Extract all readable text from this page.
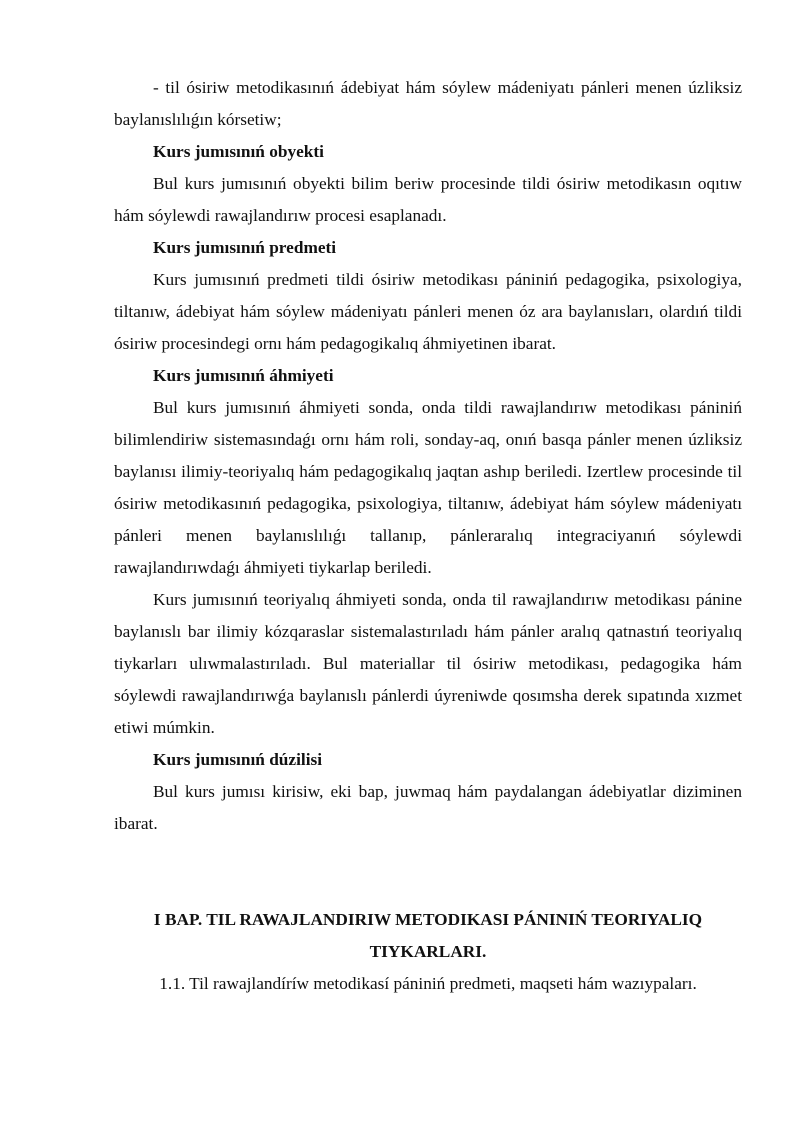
- til ósiriw metodikasınıń ádebiyat hám sóylew mádeniyatı pánleri menen úzliksiz baylanıslılıǵın kórsetiw;

Kurs jumısınıń obyekti

Bul kurs jumısınıń obyekti bilim beriw procesinde tildi ósiriw metodikasın oqıtıw hám sóylewdi rawajlandırıw procesi esaplanadı.

Kurs jumısınıń predmeti

Kurs jumısınıń predmeti tildi ósiriw metodikası pániniń pedagogika, psixologiya, tiltanıw, ádebiyat hám sóylew mádeniyatı pánleri menen óz ara baylanısları, olardıń tildi ósiriw procesindegi ornı hám pedagogikalıq áhmiyetinen ibarat.

Kurs jumısınıń áhmiyeti

Bul kurs jumısınıń áhmiyeti sonda, onda tildi rawajlandırıw metodikası pániniń bilimlendiriw sistemasındaǵı ornı hám roli, sonday-aq, onıń basqa pánler menen úzliksiz baylanısı ilimiy-teoriyalıq hám pedagogikalıq jaqtan ashıp beriledi. Izertlew procesinde til ósiriw metodikasınıń pedagogika, psixologiya, tiltanıw, ádebiyat hám sóylew mádeniyatı pánleri menen baylanıslılıǵı tallanıp, pánlerаralıq integraciyanıń sóylewdi rawajlandırıwdaǵı áhmiyeti tiykarlap beriledi.

Kurs jumısınıń teoriyalıq áhmiyeti sonda, onda til rawajlandırıw metodikası pánine baylanıslı bar ilimiy kózqaraslar sistemalastırıladı hám pánler aralıq qatnastıń teoriyalıq tiykarları ulıwmalastırıladı. Bul materiallar til ósiriw metodikası, pedagogika hám sóylewdi rawajlandırıwǵa baylanıslı pánlerdi úyreniwde qosımsha derek sıpatında xızmet etiwi múmkin.

Kurs jumısınıń dúzilisi

Bul kurs jumısı kirisiw, eki bap, juwmaq hám paydalangan ádebiyatlar diziminen ibarat.

I BAP. TIL RAWAJLANDIRIW METODIKASI PÁNINIŃ TEORIYALIQ TIYKARLARI.
1.1. Til rawajlandíríw metodikasí pániniń predmeti, maqseti hám wazıypaları.
